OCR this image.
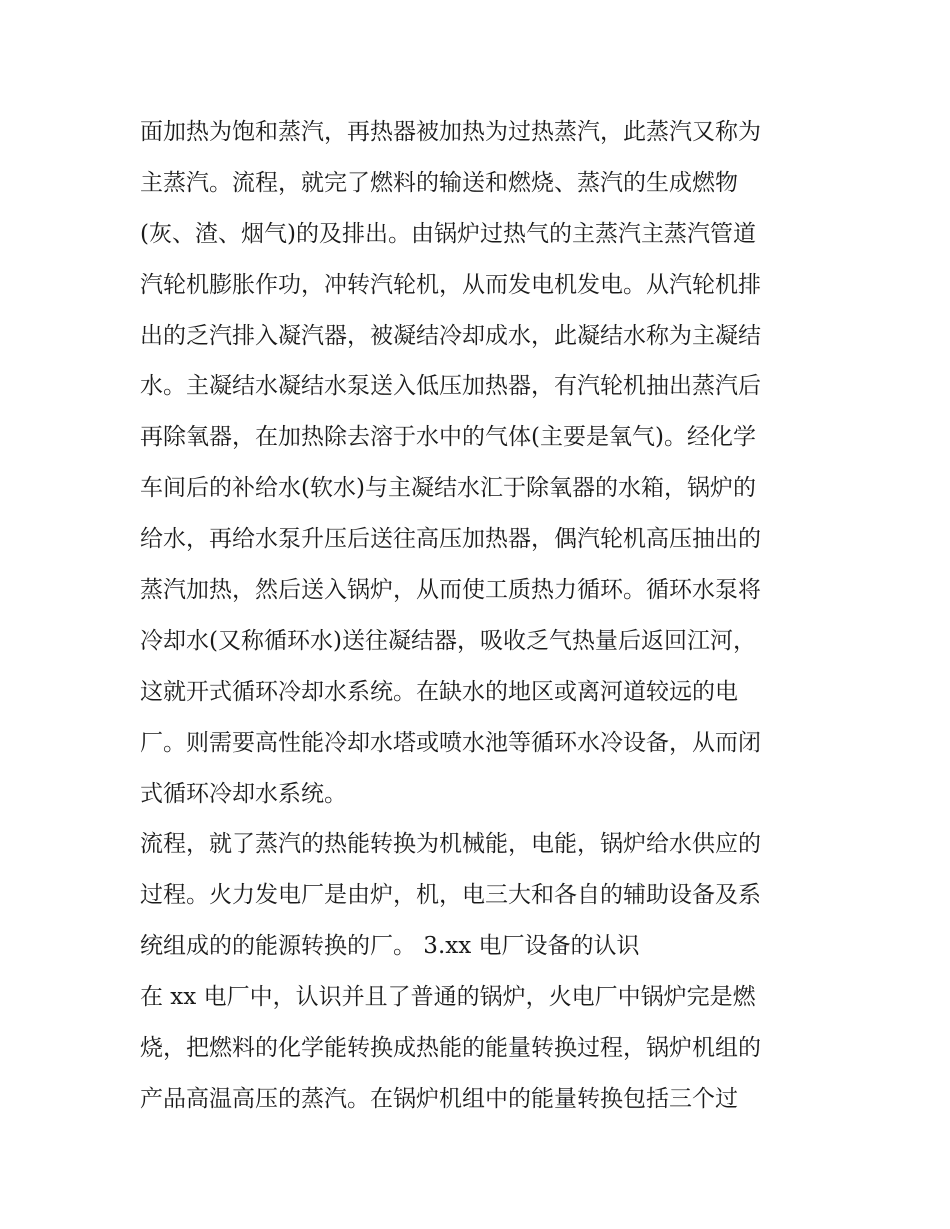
面加热为饱和蒸汽，再热器被加热为过热蒸汽，此蒸汽又称为
主蒸汽。流程，就完了燃料的输送和燃烧、蒸汽的生成燃物
(灰、渣、烟气)的及排出。由锅炉过热气的主蒸汽主蒸汽管道
汽轮机膨胀作功，冲转汽轮机，从而发电机发电。从汽轮机排
出的乏汽排入凝汽器，被凝结冷却成水，此凝结水称为主凝结
水。主凝结水凝结水泵送入低压加热器，有汽轮机抽出蒸汽后
再除氧器，在加热除去溶于水中的气体(主要是氧气)。经化学
车间后的补给水(软水)与主凝结水汇于除氧器的水箱，锅炉的
给水，再给水泵升压后送往高压加热器，偶汽轮机高压抽出的
蒸汽加热，然后送入锅炉，从而使工质热力循环。循环水泵将
冷却水(又称循环水)送往凝结器，吸收乏气热量后返回江河，
这就开式循环冷却水系统。在缺水的地区或离河道较远的电
厂。则需要高性能冷却水塔或喷水池等循环水冷设备，从而闭
式循环冷却水系统。
流程，就了蒸汽的热能转换为机械能，电能，锅炉给水供应的
过程。火力发电厂是由炉，机，电三大和各自的辅助设备及系
统组成的的能源转换的厂。 3.xx 电厂设备的认识
在 xx 电厂中，认识并且了普通的锅炉，火电厂中锅炉完是燃
烧，把燃料的化学能转换成热能的能量转换过程，锅炉机组的
产品高温高压的蒸汽。在锅炉机组中的能量转换包括三个过
